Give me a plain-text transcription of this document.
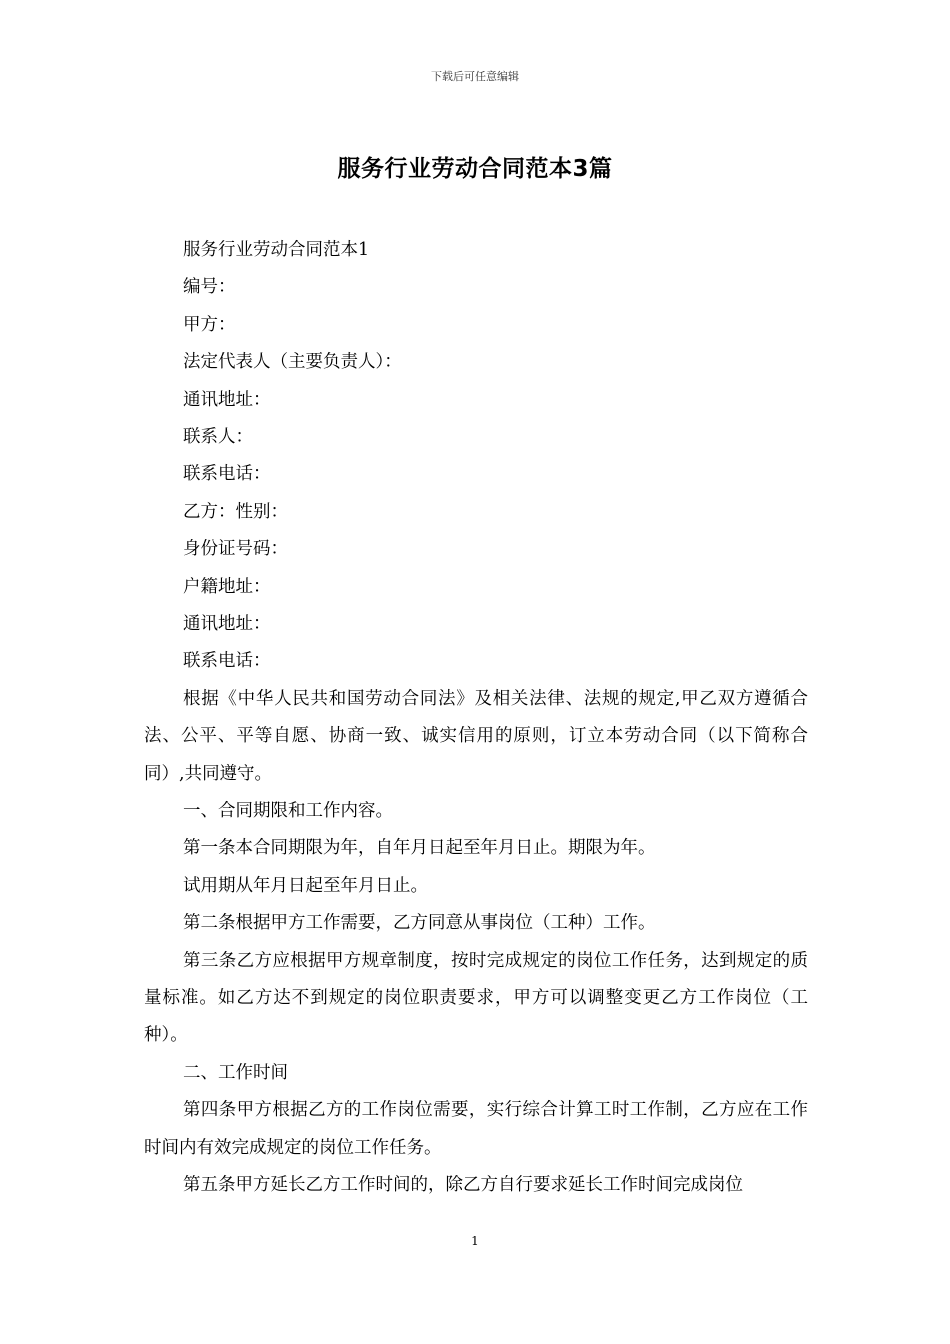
下载后可任意编辑
服务行业劳动合同范本3篇
服务行业劳动合同范本1
编号：
甲方：
法定代表人（主要负责人）：
通讯地址：
联系人：
联系电话：
乙方：性别：
身份证号码：
户籍地址：
通讯地址：
联系电话：
根据《中华人民共和国劳动合同法》及相关法律、法规的规定,甲乙双方遵循合法、公平、平等自愿、协商一致、诚实信用的原则，订立本劳动合同（以下简称合同）,共同遵守。
一、合同期限和工作内容。
第一条本合同期限为年，自年月日起至年月日止。期限为年。
试用期从年月日起至年月日止。
第二条根据甲方工作需要，乙方同意从事岗位（工种）工作。
第三条乙方应根据甲方规章制度，按时完成规定的岗位工作任务，达到规定的质量标准。如乙方达不到规定的岗位职责要求，甲方可以调整变更乙方工作岗位（工种）。
二、工作时间
第四条甲方根据乙方的工作岗位需要，实行综合计算工时工作制，乙方应在工作时间内有效完成规定的岗位工作任务。
第五条甲方延长乙方工作时间的，除乙方自行要求延长工作时间完成岗位
1
